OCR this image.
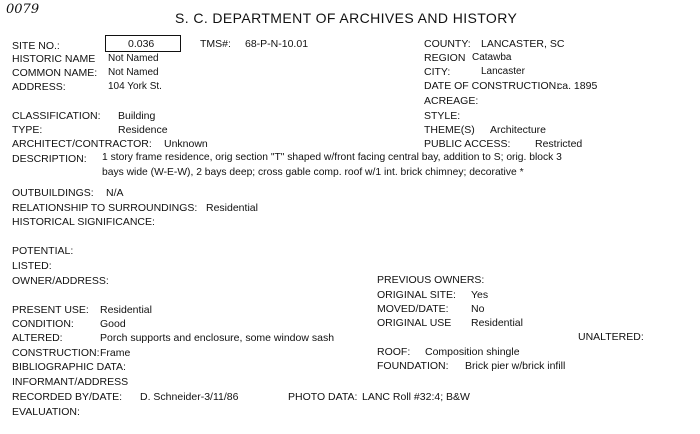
0079
S. C. DEPARTMENT OF ARCHIVES AND HISTORY
SITE NO.:	0.036	TMS#: 68-P-N-10.01
HISTORIC NAME Not Named
COMMON NAME: Not Named
ADDRESS:	104 York St.
COUNTY: LANCASTER, SC
REGION Catawba
CITY:	Lancaster
DATE OF CONSTRUCTION:
ca. 1895
ACREAGE:
STYLE:
THEME(S) Architecture
PUBLIC ACCESS: Restricted
CLASSIFICATION: Building
TYPE:	Residence
ARCHITECT/CONTRACTOR: Unknown
DESCRIPTION: 1 story frame residence, orig section "T" shaped w/front facing central bay, addition to S; orig. block 3
bays wide (W-E-W), 2 bays deep; cross gable comp. roof w/1 int. brick chimney; decorative *
OUTBUILDINGS: N/A
RELATIONSHIP TO SURROUNDINGS: Residential
HISTORICAL SIGNIFICANCE:
POTENTIAL:
LISTED:
OWNER/ADDRESS:	PREVIOUS OWNERS:
ORIGINAL SITE: Yes
MOVED/DATE: No
ORIGINAL USE Residential
UNALTERED:
PRESENT USE: Residential
CONDITION: Good
ALTERED:	Porch supports and enclosure, some window sash
CONSTRUCTION: Frame	ROOF: Composition shingle
BIBLIOGRAPHIC DATA:	FOUNDATION: Brick pier w/brick infill
INFORMANT/ADDRESS
RECORDED BY/DATE: D. Schneider-3/11/86	PHOTO DATA: LANC Roll #32:4; B&W
EVALUATION:
